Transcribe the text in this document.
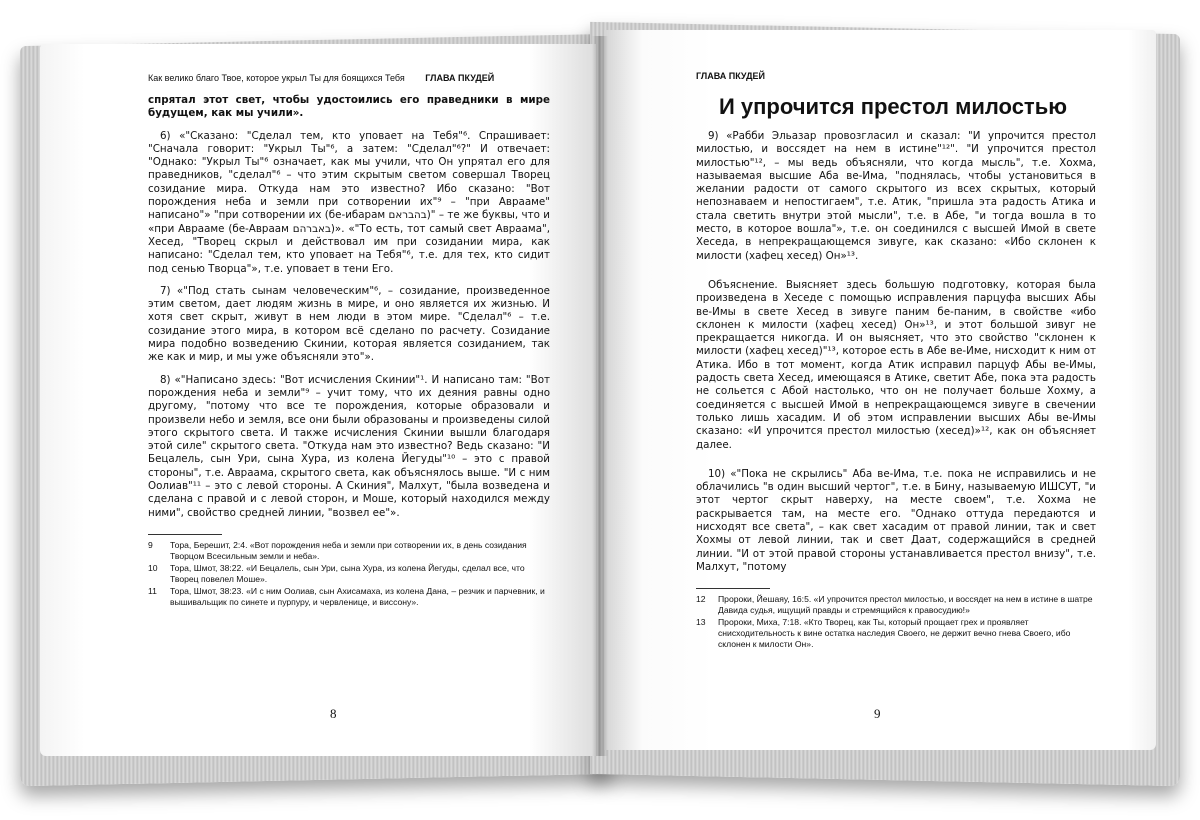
Как велико благо Твое, которое укрыл Ты для боящихся Тебя ГЛАВА ПКУДЕЙ

спрятал этот свет, чтобы удостоились его праведники в мире будущем, как мы учили».

6) «"Сказано: "Сделал тем, кто уповает на Тебя"⁶. Спрашивает: "Сначала говорит: "Укрыл Ты"⁶, а затем: "Сделал"⁶?" И отвечает: "Однако: "Укрыл Ты"⁶ означает, как мы учили, что Он упрятал его для праведников, "сделал"⁶ – что этим скрытым светом совершал Творец созидание мира. Откуда нам это известно? Ибо сказано: "Вот порождения неба и земли при сотворении их"⁹ – "при Аврааме" написано"» "при сотворении их (бе-ибарам בהבראם)" – те же буквы, что и «при Аврааме (бе-Авраам באברהם)». «"То есть, тот самый свет Авраама", Хесед, "Творец скрыл и действовал им при созидании мира, как написано: "Сделал тем, кто уповает на Тебя"⁶, т.е. для тех, кто сидит под сенью Творца"», т.е. уповает в тени Его.

7) «"Под стать сынам человеческим"⁶, – созидание, произведенное этим светом, дает людям жизнь в мире, и оно является их жизнью. И хотя свет скрыт, живут в нем люди в этом мире. "Сделал"⁶ – т.е. созидание этого мира, в котором всё сделано по расчету. Созидание мира подобно возведению Скинии, которая является созиданием, так же как и мир, и мы уже объясняли это"».

8) «"Написано здесь: "Вот исчисления Скинии"¹. И написано там: "Вот порождения неба и земли"⁹ – учит тому, что их деяния равны одно другому, "потому что все те порождения, которые образовали и произвели небо и земля, все они были образованы и произведены силой этого скрытого света. И также исчисления Скинии вышли благодаря этой силе" скрытого света. "Откуда нам это известно? Ведь сказано: "И Бецалель, сын Ури, сына Хура, из колена Йегуды"¹⁰ – это с правой стороны", т.е. Авраама, скрытого света, как объяснялось выше. "И с ним Оолиав"¹¹ – это с левой стороны. А Скиния", Малхут, "была возведена и сделана с правой и с левой сторон, и Моше, который находился между ними", свойство средней линии, "возвел ее"».

9	Тора, Берешит, 2:4. «Вот порождения неба и земли при сотворении их, в день созидания Творцом Всесильным земли и неба».
10	Тора, Шмот, 38:22. «И Бецалель, сын Ури, сына Хура, из колена Йегуды, сделал все, что Творец повелел Моше».
11	Тора, Шмот, 38:23. «И с ним Оолиав, сын Ахисамаха, из колена Дана, – резчик и парчевник, и вышивальщик по синете и пурпуру, и червленице, и виссону».
8
ГЛАВА ПКУДЕЙ
И упрочится престол милостью

9) «Рабби Эльазар провозгласил и сказал: "И упрочится престол милостью, и воссядет на нем в истине"¹²". "И упрочится престол милостью"¹², – мы ведь объясняли, что когда мысль", т.е. Хохма, называемая высшие Аба ве-Има, "поднялась, чтобы установиться в желании радости от самого скрытого из всех скрытых, который непознаваем и непостигаем", т.е. Атик, "пришла эта радость Атика и стала светить внутри этой мысли", т.е. в Абе, "и тогда вошла в то место, в которое вошла"», т.е. он соединился с высшей Имой в свете Хеседа, в непрекращающемся зивуге, как сказано: «Ибо склонен к милости (хафец хесед) Он»¹³.

Объяснение. Выясняет здесь большую подготовку, которая была произведена в Хеседе с помощью исправления парцуфа высших Абы ве-Имы в свете Хесед в зивуге паним бе-паним, в свойстве «ибо склонен к милости (хафец хесед) Он»¹³, и этот большой зивуг не прекращается никогда. И он выясняет, что это свойство "склонен к милости (хафец хесед)"¹³, которое есть в Абе ве-Име, нисходит к ним от Атика. Ибо в тот момент, когда Атик исправил парцуф Абы ве-Имы, радость света Хесед, имеющаяся в Атике, светит Абе, пока эта радость не сольется с Абой настолько, что он не получает больше Хохму, а соединяется с высшей Имой в непрекращающемся зивуге в свечении только лишь хасадим. И об этом исправлении высших Абы ве-Имы сказано: «И упрочится престол милостью (хесед)»¹², как он объясняет далее.

10) «"Пока не скрылись" Аба ве-Има, т.е. пока не исправились и не облачились "в один высший чертог", т.е. в Бину, называемую ИШСУТ, "и этот чертог скрыт наверху, на месте своем", т.е. Хохма не раскрывается там, на месте его. "Однако оттуда передаются и нисходят все света", – как свет хасадим от правой линии, так и свет Хохмы от левой линии, так и свет Даат, содержащийся в средней линии. "И от этой правой стороны устанавливается престол внизу", т.е. Малхут, "потому

12	Пророки, Йешаяу, 16:5. «И упрочится престол милостью, и воссядет на нем в истине в шатре Давида судья, ищущий правды и стремящийся к правосудию!»
13	Пророки, Миха, 7:18. «Кто Творец, как Ты, который прощает грех и проявляет снисходительность к вине остатка наследия Своего, не держит вечно гнева Своего, ибо склонен к милости Он».
9
